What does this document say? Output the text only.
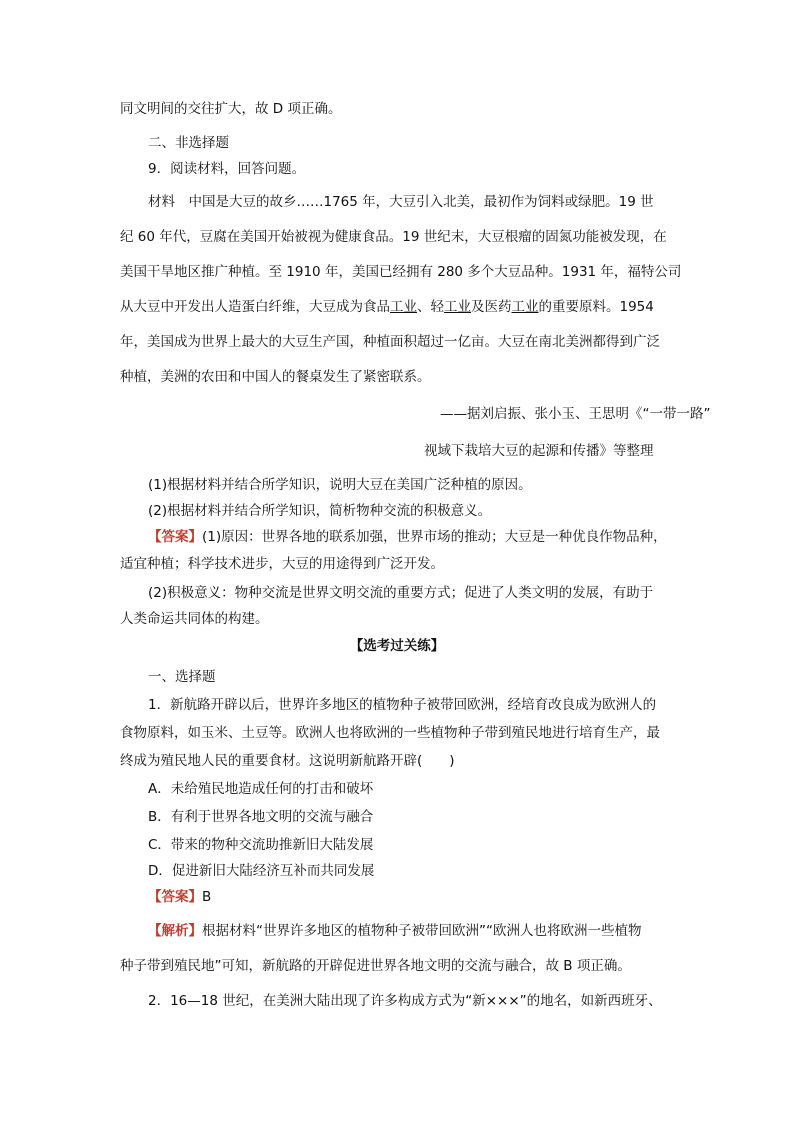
同文明间的交往扩大，故 D 项正确。
二、非选择题
9．阅读材料，回答问题。
材料　中国是大豆的故乡……1765 年，大豆引入北美，最初作为饲料或绿肥。19 世
纪 60 年代，豆腐在美国开始被视为健康食品。19 世纪末，大豆根瘤的固氮功能被发现，在
美国干旱地区推广种植。至 1910 年，美国已经拥有 280 多个大豆品种。1931 年，福特公司
从大豆中开发出人造蛋白纤维，大豆成为食品工业、轻工业及医药工业的重要原料。1954
年，美国成为世界上最大的大豆生产国，种植面积超过一亿亩。大豆在南北美洲都得到广泛
种植，美洲的农田和中国人的餐桌发生了紧密联系。
——据刘启振、张小玉、王思明《“一带一路”
视域下栽培大豆的起源和传播》等整理
(1)根据材料并结合所学知识，说明大豆在美国广泛种植的原因。
(2)根据材料并结合所学知识，简析物种交流的积极意义。
【答案】(1)原因：世界各地的联系加强，世界市场的推动；大豆是一种优良作物品种，
适宜种植；科学技术进步，大豆的用途得到广泛开发。
(2)积极意义：物种交流是世界文明交流的重要方式；促进了人类文明的发展，有助于
人类命运共同体的构建。
【选考过关练】
一、选择题
1．新航路开辟以后，世界许多地区的植物种子被带回欧洲，经培育改良成为欧洲人的
食物原料，如玉米、土豆等。欧洲人也将欧洲的一些植物种子带到殖民地进行培育生产，最
终成为殖民地人民的重要食材。这说明新航路开辟(　　)
A．未给殖民地造成任何的打击和破坏
B．有利于世界各地文明的交流与融合
C．带来的物种交流助推新旧大陆发展
D．促进新旧大陆经济互补而共同发展
【答案】B
【解析】根据材料“世界许多地区的植物种子被带回欧洲”“欧洲人也将欧洲一些植物
种子带到殖民地”可知，新航路的开辟促进世界各地文明的交流与融合，故 B 项正确。
2．16—18 世纪，在美洲大陆出现了许多构成方式为“新×××”的地名，如新西班牙、
